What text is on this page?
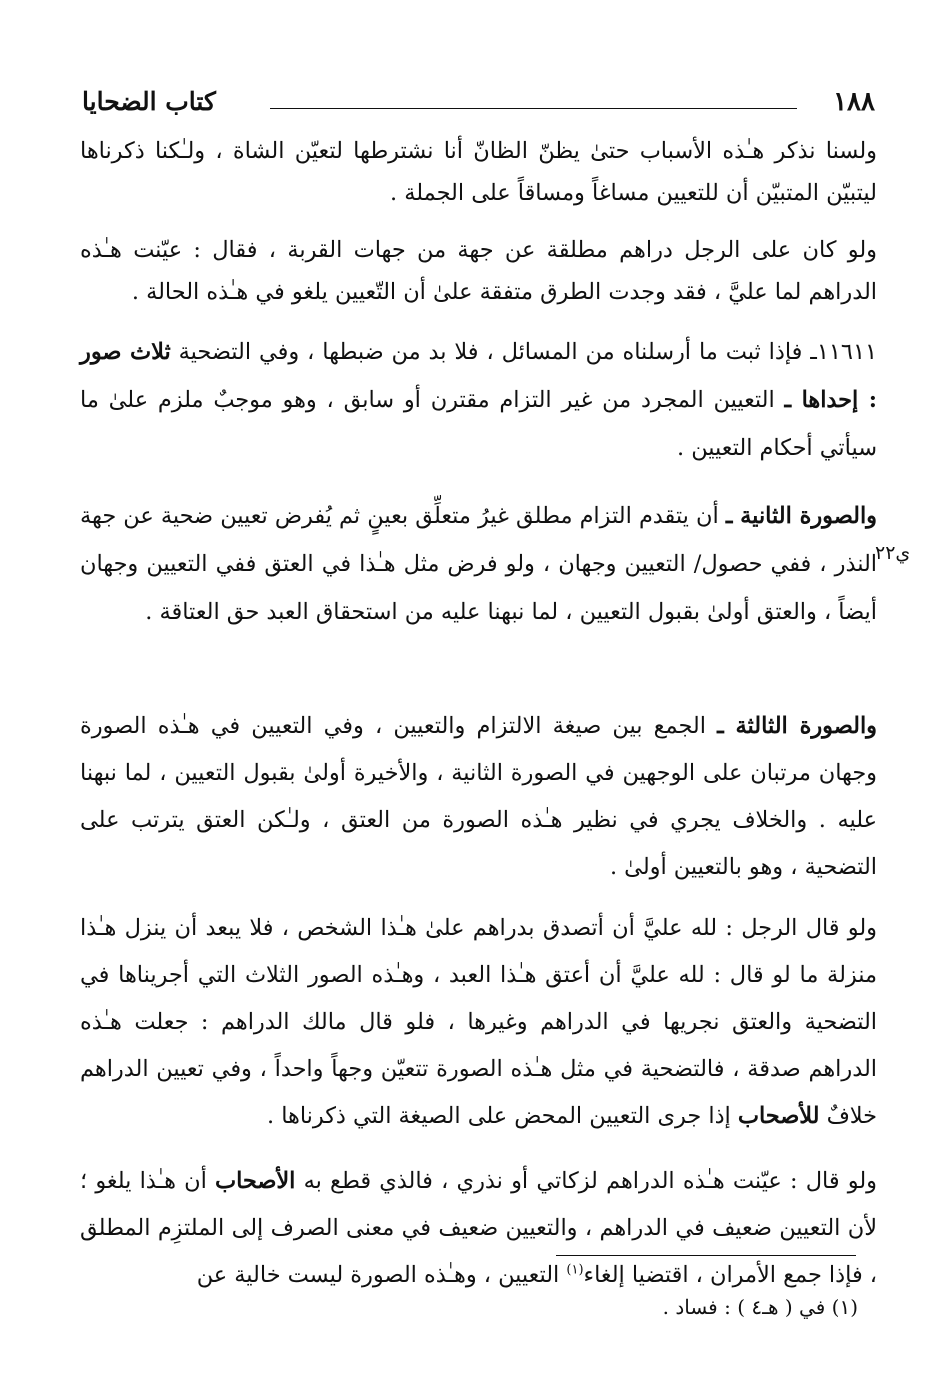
١٨٨
كتاب الضحايا
ي٢٢

ولسنا نذكر هـٰذه الأسباب حتىٰ يظنّ الظانّ أنا نشترطها لتعيّن الشاة ، ولـٰكنا ذكرناها ليتبيّن المتبيّن أن للتعيين مساغاً ومساقاً على الجملة .

ولو كان على الرجل دراهم مطلقة عن جهة من جهات القربة ، فقال : عيّنت هـٰذه الدراهم لما عليَّ ، فقد وجدت الطرق متفقة علىٰ أن التّعيين يلغو في هـٰذه الحالة .

١١٦١١ـ فإذا ثبت ما أرسلناه من المسائل ، فلا بد من ضبطها ، وفي التضحية ثلاث صور : إحداها ـ التعيين المجرد من غير التزام مقترن أو سابق ، وهو موجبٌ ملزم علىٰ ما سيأتي أحكام التعيين .

والصورة الثانية ـ أن يتقدم التزام مطلق غيرُ متعلِّق بعينٍ ثم يُفرض تعيين ضحية عن جهة النذر ، ففي حصول/ التعيين وجهان ، ولو فرض مثل هـٰذا في العتق ففي التعيين وجهان أيضاً ، والعتق أولىٰ بقبول التعيين ، لما نبهنا عليه من استحقاق العبد حق العتاقة .

والصورة الثالثة ـ الجمع بين صيغة الالتزام والتعيين ، وفي التعيين في هـٰذه الصورة وجهان مرتبان على الوجهين في الصورة الثانية ، والأخيرة أولىٰ بقبول التعيين ، لما نبهنا عليه . والخلاف يجري في نظير هـٰذه الصورة من العتق ، ولـٰكن العتق يترتب على التضحية ، وهو بالتعيين أولىٰ .

ولو قال الرجل : لله عليَّ أن أتصدق بدراهم علىٰ هـٰذا الشخص ، فلا يبعد أن ينزل هـٰذا منزلة ما لو قال : لله عليَّ أن أعتق هـٰذا العبد ، وهـٰذه الصور الثلاث التي أجريناها في التضحية والعتق نجريها في الدراهم وغيرها ، فلو قال مالك الدراهم : جعلت هـٰذه الدراهم صدقة ، فالتضحية في مثل هـٰذه الصورة تتعيّن وجهاً واحداً ، وفي تعيين الدراهم خلافٌ للأصحاب إذا جرى التعيين المحض على الصيغة التي ذكرناها .

ولو قال : عيّنت هـٰذه الدراهم لزكاتي أو نذري ، فالذي قطع به الأصحاب أن هـٰذا يلغو ؛ لأن التعيين ضعيف في الدراهم ، والتعيين ضعيف في معنى الصرف إلى الملتزِم المطلق ، فإذا جمع الأمران ، اقتضيا إلغاء$^{(١)}$ التعيين ، وهـٰذه الصورة ليست خالية عن

(١) في ( هـ٤ ) : فساد .
